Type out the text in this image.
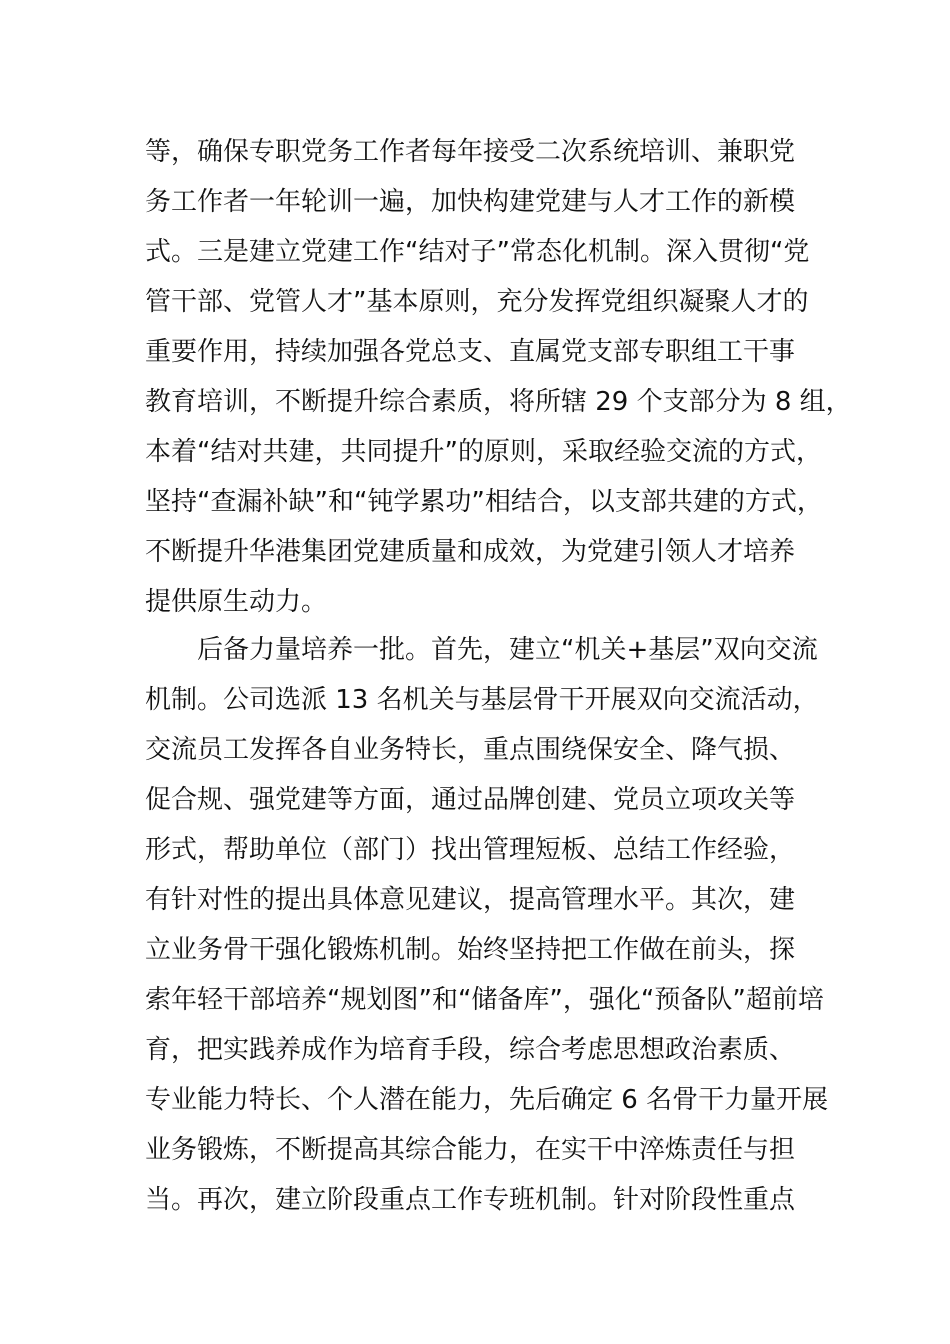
等，确保专职党务工作者每年接受二次系统培训、兼职党
务工作者一年轮训一遍，加快构建党建与人才工作的新模
式。三是建立党建工作“结对子”常态化机制。深入贯彻“党
管干部、党管人才”基本原则，充分发挥党组织凝聚人才的
重要作用，持续加强各党总支、直属党支部专职组工干事
教育培训，不断提升综合素质，将所辖 29 个支部分为 8 组，
本着“结对共建，共同提升”的原则，采取经验交流的方式，
坚持“查漏补缺”和“钝学累功”相结合，以支部共建的方式，
不断提升华港集团党建质量和成效，为党建引领人才培养
提供原生动力。
　　后备力量培养一批。首先，建立“机关+基层”双向交流
机制。公司选派 13 名机关与基层骨干开展双向交流活动，
交流员工发挥各自业务特长，重点围绕保安全、降气损、
促合规、强党建等方面，通过品牌创建、党员立项攻关等
形式，帮助单位（部门）找出管理短板、总结工作经验，
有针对性的提出具体意见建议，提高管理水平。其次，建
立业务骨干强化锻炼机制。始终坚持把工作做在前头，探
索年轻干部培养“规划图”和“储备库”，强化“预备队”超前培
育，把实践养成作为培育手段，综合考虑思想政治素质、
专业能力特长、个人潜在能力，先后确定 6 名骨干力量开展
业务锻炼，不断提高其综合能力，在实干中淬炼责任与担
当。再次，建立阶段重点工作专班机制。针对阶段性重点
